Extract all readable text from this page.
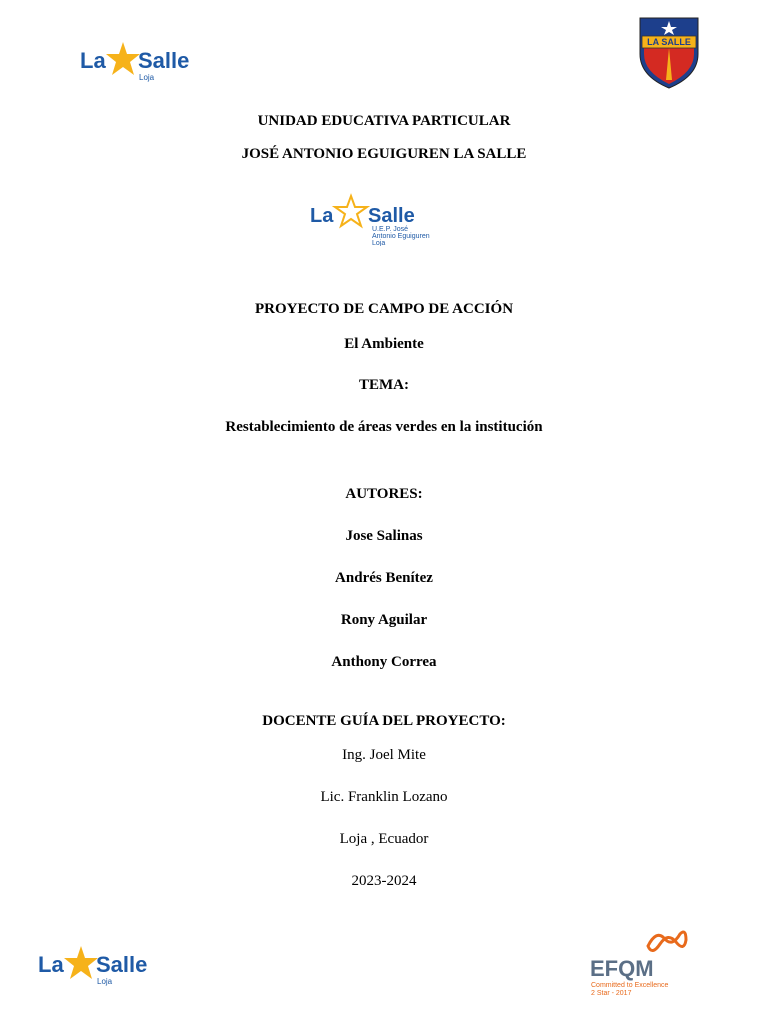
La Salle
Loja
LA SALLE
UNIDAD EDUCATIVA PARTICULAR
JOSÉ ANTONIO EGUIGUREN LA SALLE
La Salle
U.E.P. José
Antonio Eguiguren
Loja
PROYECTO DE CAMPO DE ACCIÓN
El Ambiente
TEMA:
Restablecimiento de áreas verdes en la institución
AUTORES:
Jose Salinas
Andrés Benítez
Rony Aguilar
Anthony Correa
DOCENTE GUÍA DEL PROYECTO:
Ing. Joel Mite
Lic. Franklin Lozano
Loja , Ecuador
2023-2024
La Salle
Loja
EFQM
Committed to Excellence
2 Star - 2017
